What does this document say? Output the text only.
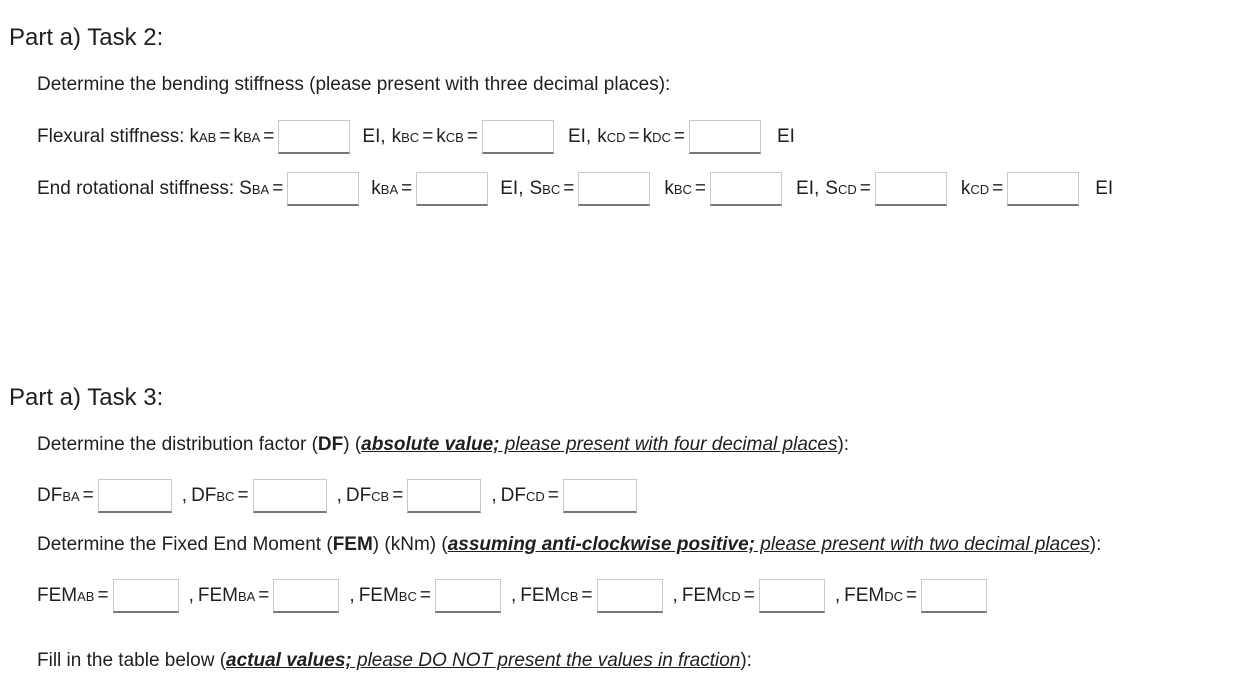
Part a) Task 2:
Determine the bending stiffness (please present with three decimal places):
Flexural stiffness: k AB = k BA =	EI, k BC = k CB =	EI, k CD = k DC =	EI
End rotational stiffness: S BA =	k BA =	EI, S BC =	k BC =	EI, S CD =	k CD =	EI
Part a) Task 3:
Determine the distribution factor (DF) (absolute value; please present with four decimal places):
DF BA =	, DF BC =	, DF CB =	, DF CD =
Determine the Fixed End Moment (FEM) (kNm) (assuming anti-clockwise positive; please present with two decimal places):
FEM AB =	, FEM BA =	, FEM BC =	, FEM CB =	, FEM CD =	, FEM DC =
Fill in the table below (actual values; please DO NOT present the values in fraction):
